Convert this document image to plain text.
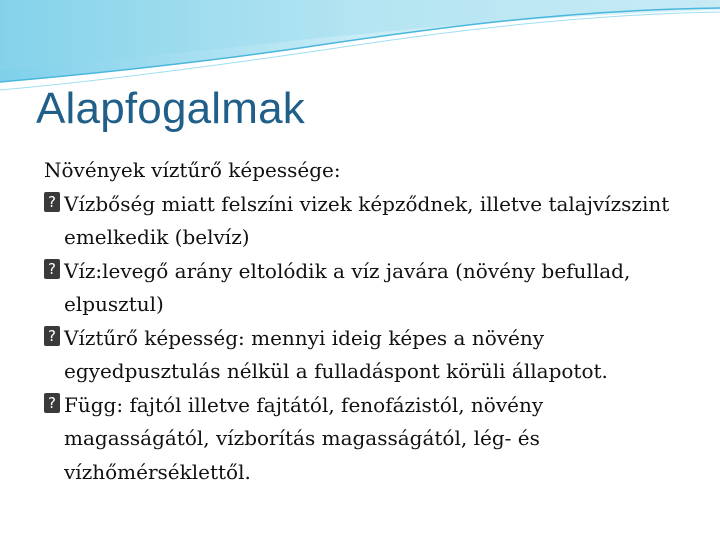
Alapfogalmak

Növények víztűrő képessége:

? Vízbőség miatt felszíni vizek képződnek, illetve talajvízszint emelkedik (belvíz)
? Víz:levegő arány eltolódik a víz javára (növény befullad, elpusztul)
? Víztűrő képesség: mennyi ideig képes a növény egyedpusztulás nélkül a fulladáspont körüli állapotot.
? Függ: fajtól illetve fajtától, fenofázistól, növény magasságától, vízborítás magasságától, lég- és vízhőmérséklettől.
